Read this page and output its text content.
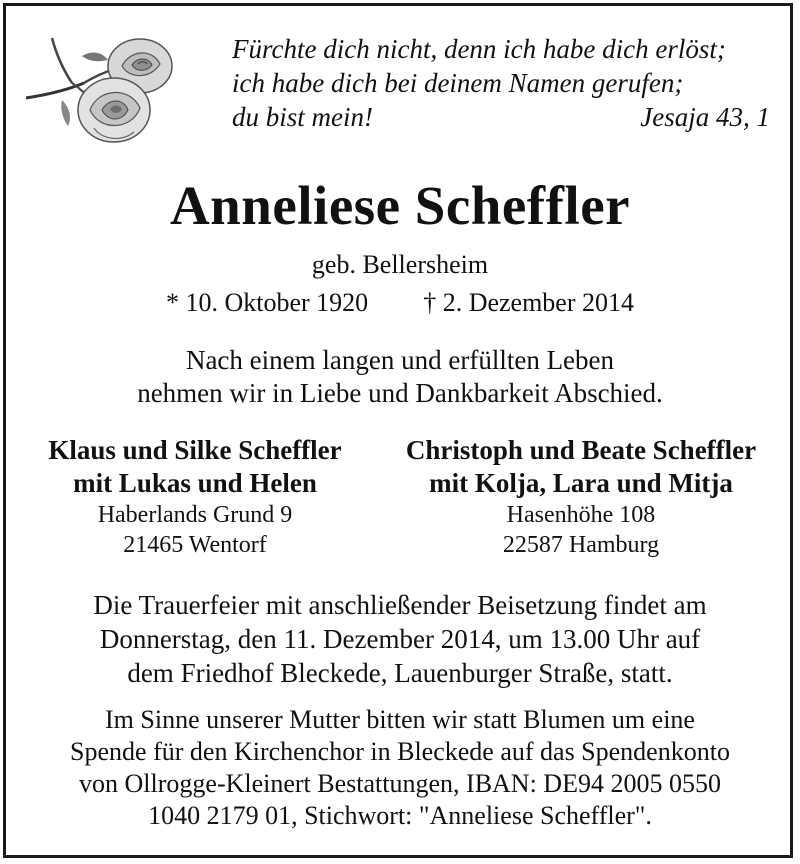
Fürchte dich nicht, denn ich habe dich erlöst;
ich habe dich bei deinem Namen gerufen;
du bist mein!	Jesaja 43, 1
Anneliese Scheffler
geb. Bellersheim
* 10. Oktober 1920 † 2. Dezember 2014
Nach einem langen und erfüllten Leben
nehmen wir in Liebe und Dankbarkeit Abschied.
Klaus und Silke Scheffler
mit Lukas und Helen
Haberlands Grund 9
21465 Wentorf
Christoph und Beate Scheffler
mit Kolja, Lara und Mitja
Hasenhöhe 108
22587 Hamburg
Die Trauerfeier mit anschließender Beisetzung findet am
Donnerstag, den 11. Dezember 2014, um 13.00 Uhr auf
dem Friedhof Bleckede, Lauenburger Straße, statt.
Im Sinne unserer Mutter bitten wir statt Blumen um eine
Spende für den Kirchenchor in Bleckede auf das Spendenkonto
von Ollrogge-Kleinert Bestattungen, IBAN: DE94 2005 0550
1040 2179 01, Stichwort: "Anneliese Scheffler".
